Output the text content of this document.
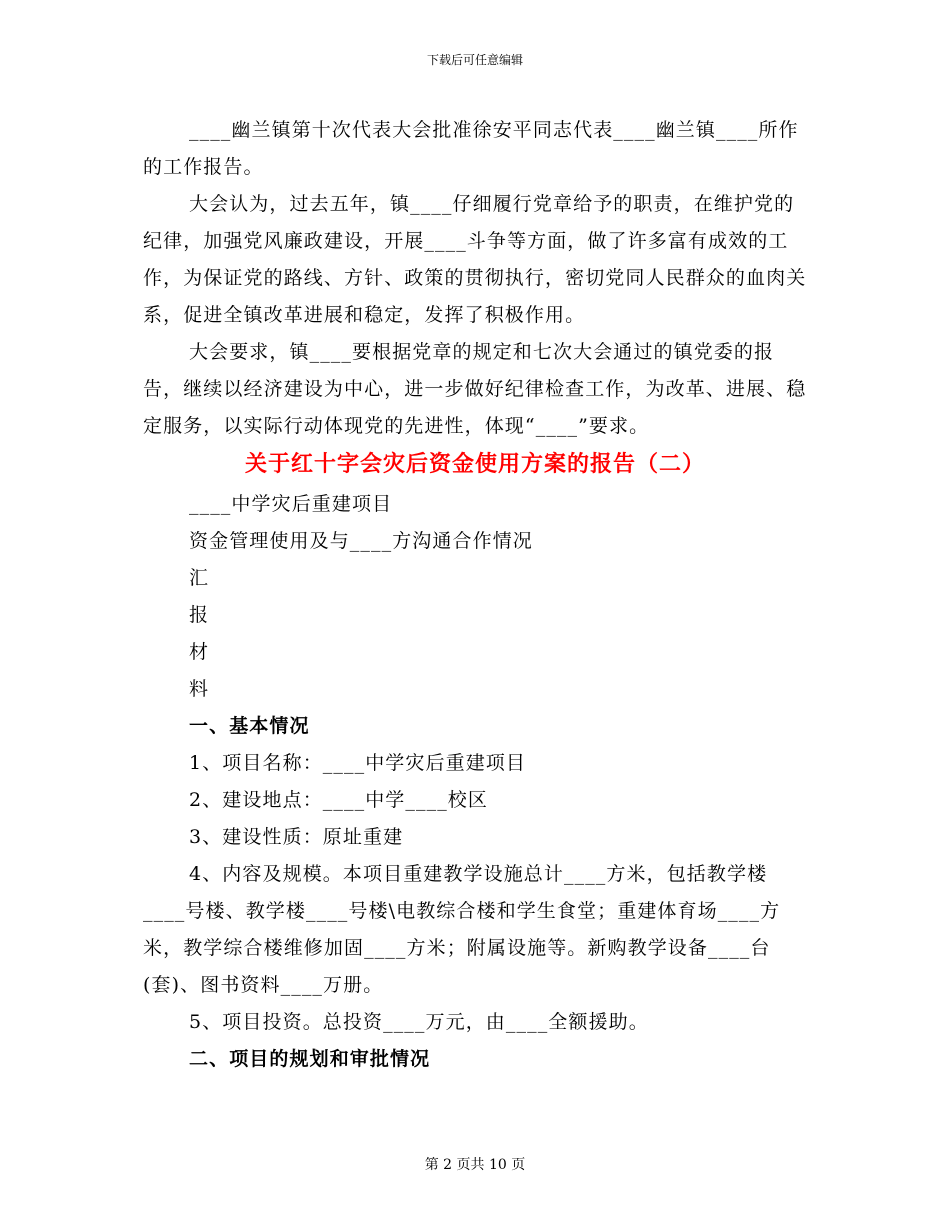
下载后可任意编辑

____幽兰镇第十次代表大会批准徐安平同志代表____幽兰镇____所作的工作报告。

大会认为，过去五年，镇____仔细履行党章给予的职责，在维护党的纪律，加强党风廉政建设，开展____斗争等方面，做了许多富有成效的工作，为保证党的路线、方针、政策的贯彻执行，密切党同人民群众的血肉关系，促进全镇改革进展和稳定，发挥了积极作用。

大会要求，镇____要根据党章的规定和七次大会通过的镇党委的报告，继续以经济建设为中心，进一步做好纪律检查工作，为改革、进展、稳定服务，以实际行动体现党的先进性，体现“____”要求。

关于红十字会灾后资金使用方案的报告（二）

____中学灾后重建项目

资金管理使用及与____方沟通合作情况

汇

报

材

料

一、基本情况

1、项目名称：____中学灾后重建项目

2、建设地点：____中学____校区

3、建设性质：原址重建

4、内容及规模。本项目重建教学设施总计____方米，包括教学楼____号楼、教学楼____号楼\电教综合楼和学生食堂；重建体育场____方米，教学综合楼维修加固____方米；附属设施等。新购教学设备____台(套)、图书资料____万册。

5、项目投资。总投资____万元，由____全额援助。

二、项目的规划和审批情况

第 2 页共 10 页
